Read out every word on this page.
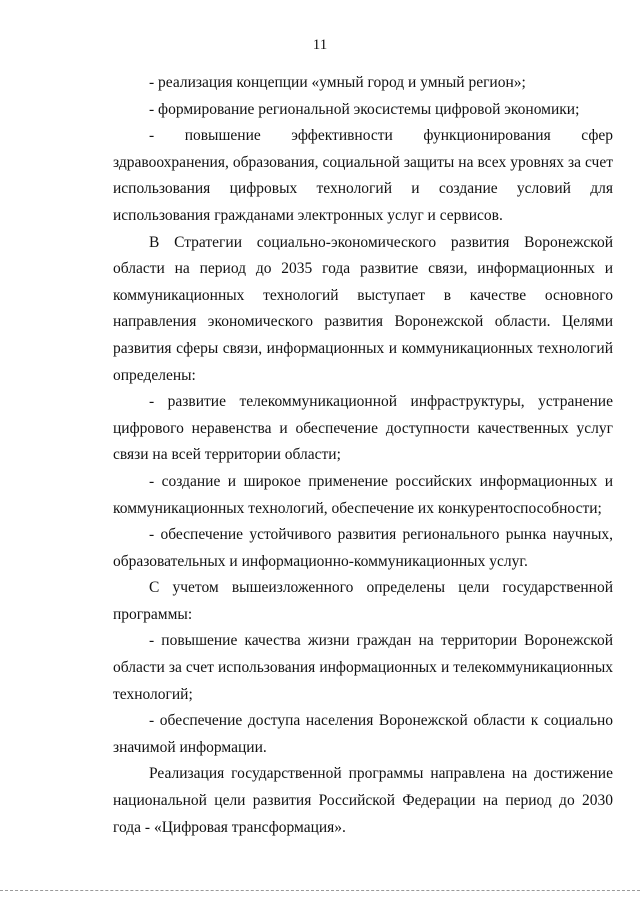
11

- реализация концепции «умный город и умный регион»;

- формирование региональной экосистемы цифровой экономики;

- повышение эффективности функционирования сфер здравоохранения, образования, социальной защиты на всех уровнях за счет использования цифровых технологий и создание условий для использования гражданами электронных услуг и сервисов.

В Стратегии социально-экономического развития Воронежской области на период до 2035 года развитие связи, информационных и коммуникационных технологий выступает в качестве основного направления экономического развития Воронежской области. Целями развития сферы связи, информационных и коммуникационных технологий определены:

- развитие телекоммуникационной инфраструктуры, устранение цифрового неравенства и обеспечение доступности качественных услуг связи на всей территории области;

- создание и широкое применение российских информационных и коммуникационных технологий, обеспечение их конкурентоспособности;

- обеспечение устойчивого развития регионального рынка научных, образовательных и информационно-коммуникационных услуг.

С учетом вышеизложенного определены цели государственной программы:

- повышение качества жизни граждан на территории Воронежской области за счет использования информационных и телекоммуникационных технологий;

- обеспечение доступа населения Воронежской области к социально значимой информации.

Реализация государственной программы направлена на достижение национальной цели развития Российской Федерации на период до 2030 года - «Цифровая трансформация».
